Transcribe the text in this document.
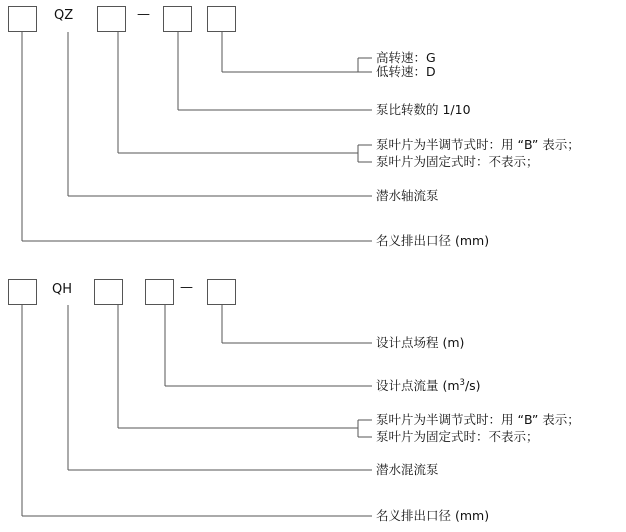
QZ	—
高转速：G
低转速：D
泵比转数的 1/10
泵叶片为半调节式时：用 “B” 表示；
泵叶片为固定式时：不表示；
潜水轴流泵
名义排出口径 (mm)
QH	—
设计点场程 (m)
设计点流量 $(m^3/s)$
泵叶片为半调节式时：用 “B” 表示；
泵叶片为固定式时：不表示；
潜水混流泵
名义排出口径 (mm)
